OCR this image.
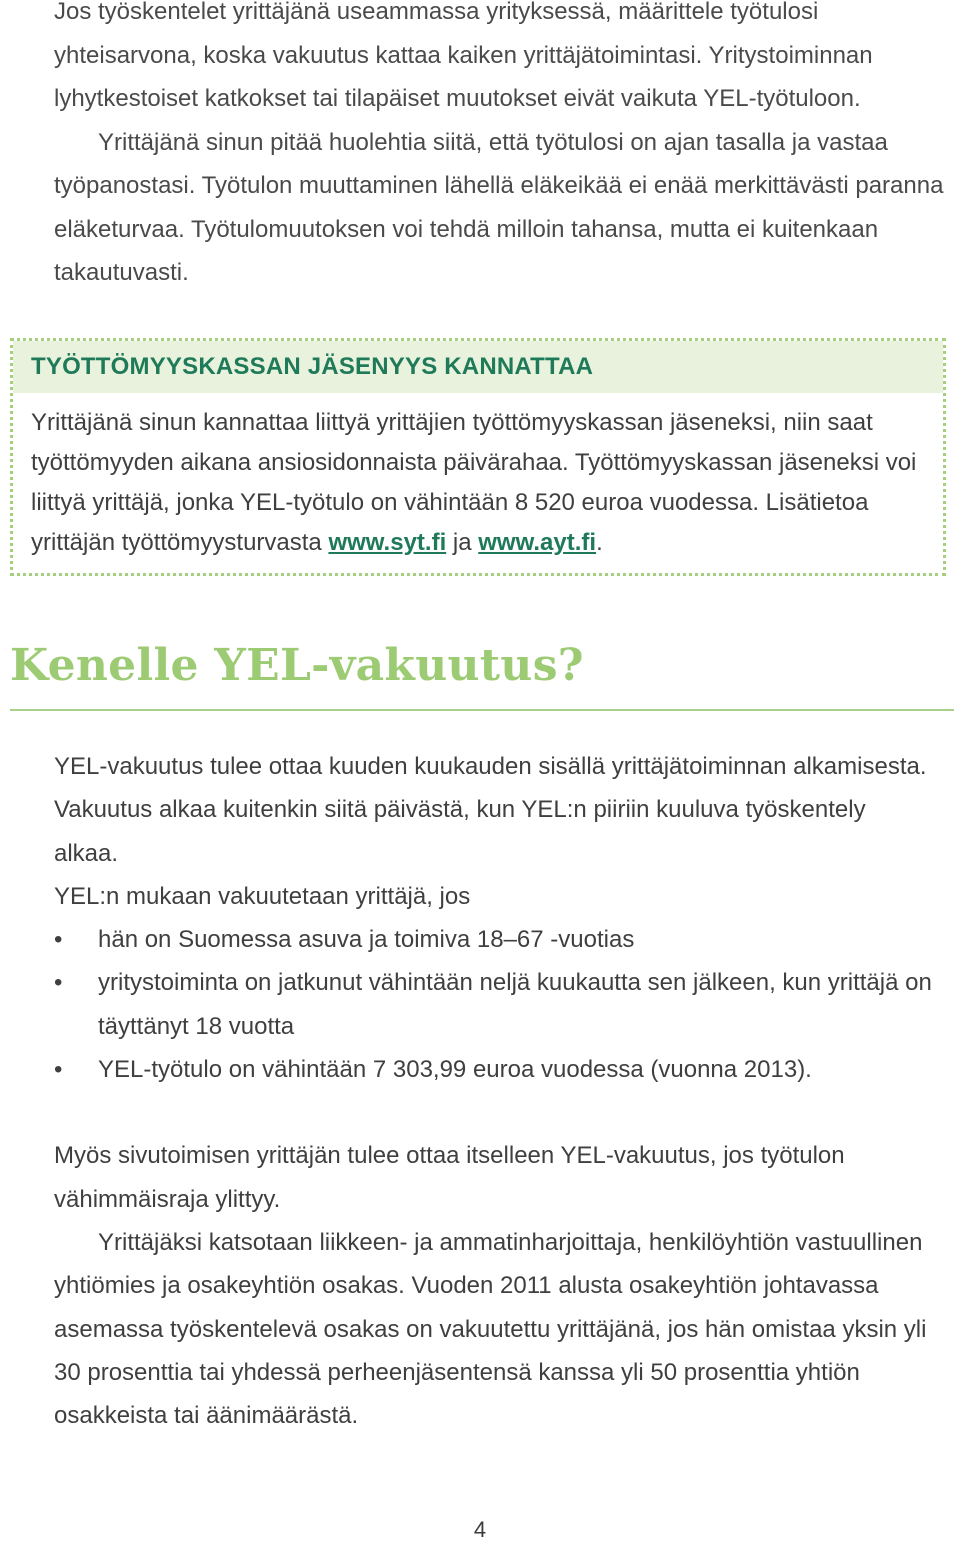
Jos työskentelet yrittäjänä useammassa yrityksessä, määrittele työtulosi yhteisarvona, koska vakuutus kattaa kaiken yrittäjätoimintasi. Yritystoiminnan lyhytkestoiset katkokset tai tilapäiset muutokset eivät vaikuta YEL-työtuloon.

Yrittäjänä sinun pitää huolehtia siitä, että työtulosi on ajan tasalla ja vastaa työpanostasi. Työtulon muuttaminen lähellä eläkeikää ei enää merkittävästi paranna eläketurvaa. Työtulomuutoksen voi tehdä milloin tahansa, mutta ei kuitenkaan takautuvasti.

TYÖTTÖMYYSKASSAN JÄSENYYS KANNATTAA
Yrittäjänä sinun kannattaa liittyä yrittäjien työttömyyskassan jäseneksi, niin saat työttömyyden aikana ansiosidonnaista päivärahaa. Työttömyyskassan jäseneksi voi liittyä yrittäjä, jonka YEL-työtulo on vähintään 8 520 euroa vuodessa. Lisätietoa yrittäjän työttömyysturvasta www.syt.fi ja www.ayt.fi.
Kenelle YEL-vakuutus?

YEL-vakuutus tulee ottaa kuuden kuukauden sisällä yrittäjätoiminnan alkamisesta. Vakuutus alkaa kuitenkin siitä päivästä, kun YEL:n piiriin kuuluva työskentely alkaa.

YEL:n mukaan vakuutetaan yrittäjä, jos

•	hän on Suomessa asuva ja toimiva 18–67 -vuotias
•	yritystoiminta on jatkunut vähintään neljä kuukautta sen jälkeen, kun yrittäjä on täyttänyt 18 vuotta
•	YEL-työtulo on vähintään 7 303,99 euroa vuodessa (vuonna 2013).

Myös sivutoimisen yrittäjän tulee ottaa itselleen YEL-vakuutus, jos työtulon vähimmäisraja ylittyy.

Yrittäjäksi katsotaan liikkeen- ja ammatinharjoittaja, henkilöyhtiön vastuullinen yhtiömies ja osakeyhtiön osakas. Vuoden 2011 alusta osakeyhtiön johtavassa asemassa työskentelevä osakas on vakuutettu yrittäjänä, jos hän omistaa yksin yli 30 prosenttia tai yhdessä perheenjäsentensä kanssa yli 50 prosenttia yhtiön osakkeista tai äänimäärästä.

4
